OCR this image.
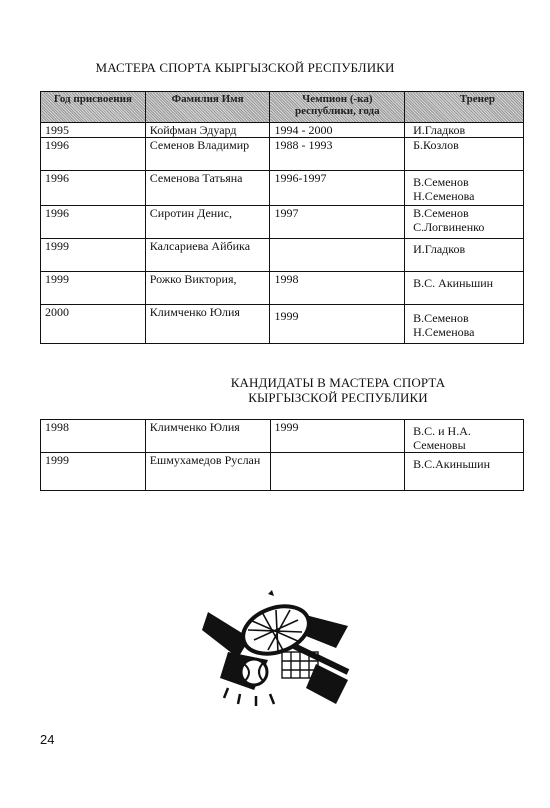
МАСТЕРА СПОРТА КЫРГЫЗСКОЙ РЕСПУБЛИКИ
Год присвоения	Фамилия Имя	Чемпион (-ка) республики, года	Тренер
1995	Койфман Эдуард	1994 - 2000	И.Гладков
1996	Семенов Владимир	1988 - 1993	Б.Козлов
1996	Семенова Татьяна	1996-1997	В.Семенов Н.Семенова
1996	Сиротин Денис,	1997	В.Семенов С.Логвиненко
1999	Калсариева Айбика		И.Гладков
1999	Рожко Виктория,	1998	В.С. Акиньшин
2000	Климченко Юлия	1999	В.Семенов Н.Семенова
КАНДИДАТЫ В МАСТЕРА СПОРТА КЫРГЫЗСКОЙ РЕСПУБЛИКИ
1998	Климченко Юлия	1999	В.С. и Н.А. Семеновы
1999	Ешмухамедов Руслан		В.С.Акиньшин
24
